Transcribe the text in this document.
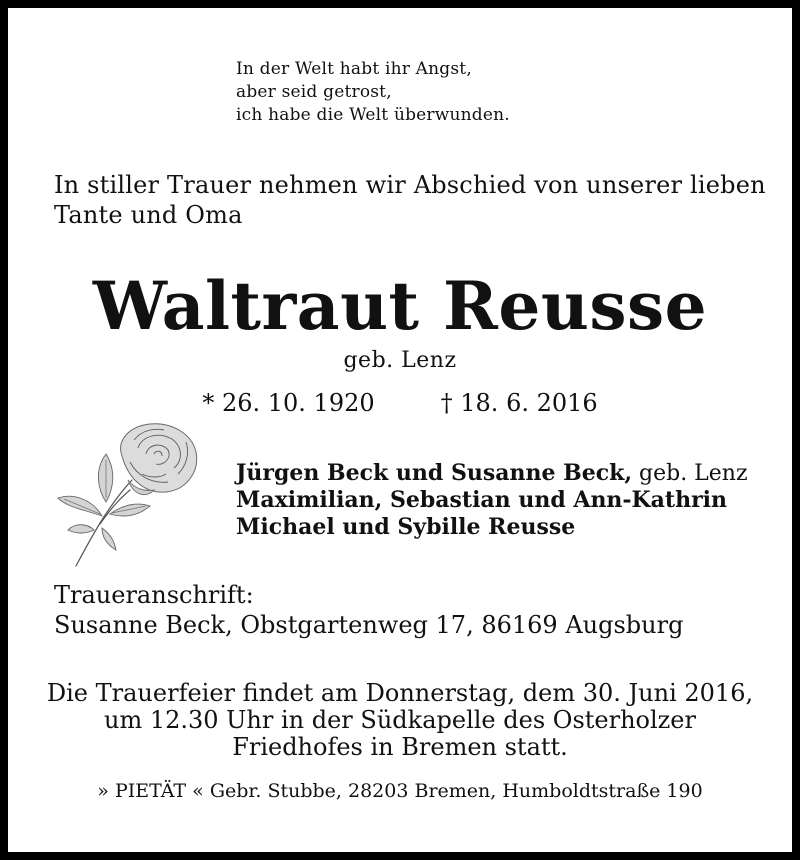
In der Welt habt ihr Angst,
aber seid getrost,
ich habe die Welt überwunden.
In stiller Trauer nehmen wir Abschied von unserer lieben
Tante und Oma
Waltraut Reusse
geb. Lenz
* 26. 10. 1920	† 18. 6. 2016
Jürgen Beck und Susanne Beck, geb. Lenz
Maximilian, Sebastian und Ann-Kathrin
Michael und Sybille Reusse
Traueranschrift:
Susanne Beck, Obstgartenweg 17, 86169 Augsburg
Die Trauerfeier findet am Donnerstag, dem 30. Juni 2016,
um 12.30 Uhr in der Südkapelle des Osterholzer
Friedhofes in Bremen statt.
» PIETÄT « Gebr. Stubbe, 28203 Bremen, Humboldtstraße 190
